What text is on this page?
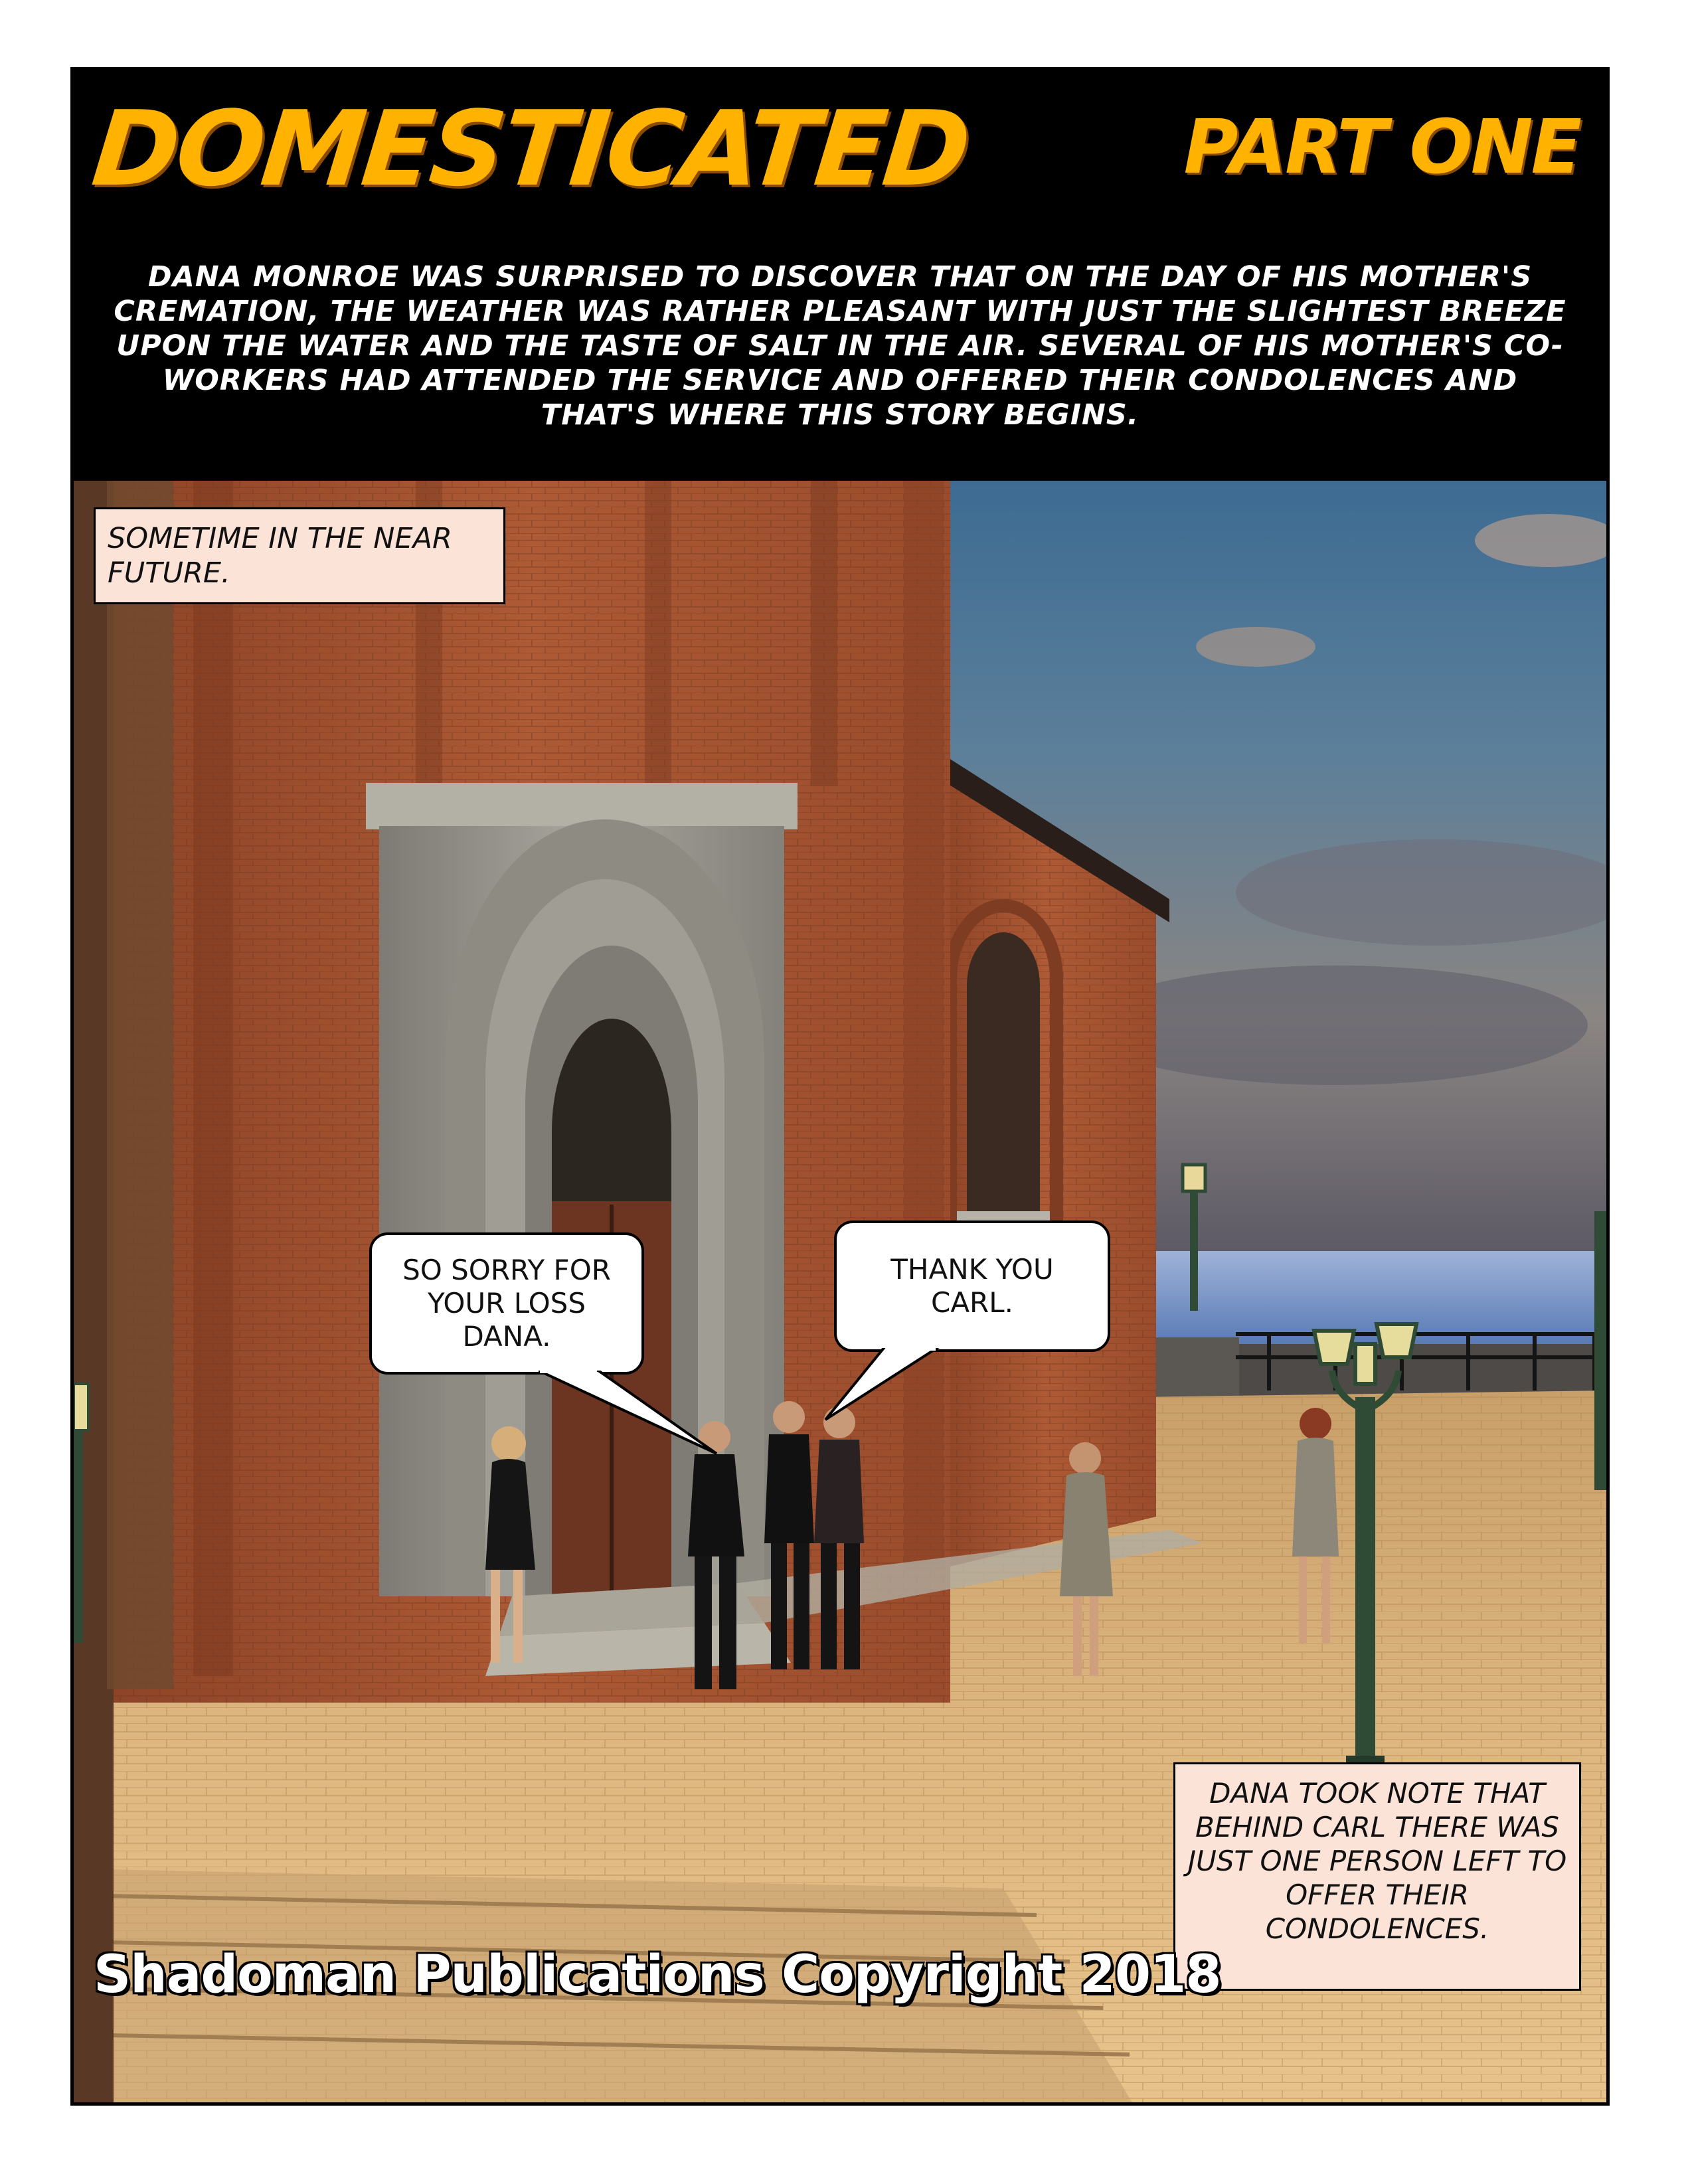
DOMESTICATED	PART ONE

DANA MONROE WAS SURPRISED TO DISCOVER THAT ON THE DAY OF HIS MOTHER'S CREMATION, THE WEATHER WAS RATHER PLEASANT WITH JUST THE SLIGHTEST BREEZE UPON THE WATER AND THE TASTE OF SALT IN THE AIR. SEVERAL OF HIS MOTHER'S CO-WORKERS HAD ATTENDED THE SERVICE AND OFFERED THEIR CONDOLENCES AND THAT'S WHERE THIS STORY BEGINS.

SOMETIME IN THE NEAR FUTURE.
SO SORRY FOR YOUR LOSS DANA.
THANK YOU CARL.
DANA TOOK NOTE THAT BEHIND CARL THERE WAS JUST ONE PERSON LEFT TO OFFER THEIR CONDOLENCES.
Shadoman Publications Copyright 2018
